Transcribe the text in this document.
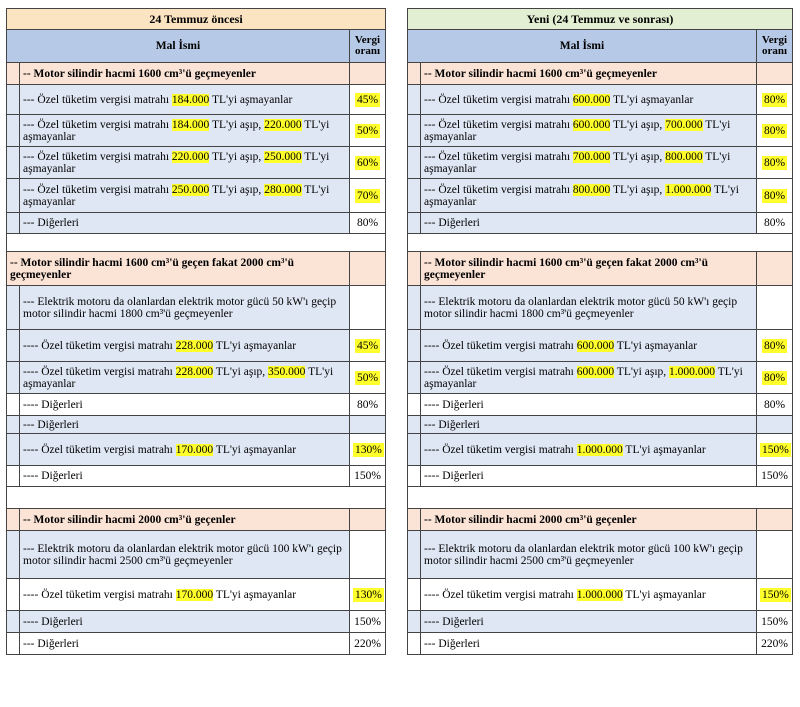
24 Temmuz öncesi		
Mal İsmi		Vergi
oranı
	-- Motor silindir hacmi 1600 cm³'ü geçmeyenler	
	--- Özel tüketim vergisi matrahı 184.000 TL'yi aşmayanlar	45%
	--- Özel tüketim vergisi matrahı 184.000 TL'yi aşıp, 220.000 TL'yi aşmayanlar	50%
	--- Özel tüketim vergisi matrahı 220.000 TL'yi aşıp, 250.000 TL'yi aşmayanlar	60%
	--- Özel tüketim vergisi matrahı 250.000 TL'yi aşıp, 280.000 TL'yi aşmayanlar	70%
	--- Diğerleri	80%

-- Motor silindir hacmi 1600 cm³'ü geçen fakat 2000 cm³'ü geçmeyenler		
	--- Elektrik motoru da olanlardan elektrik motor gücü 50 kW'ı geçip motor silindir hacmi 1800 cm³'ü geçmeyenler	
	---- Özel tüketim vergisi matrahı 228.000 TL'yi aşmayanlar	45%
	---- Özel tüketim vergisi matrahı 228.000 TL'yi aşıp, 350.000 TL'yi aşmayanlar	50%
	---- Diğerleri	80%
	--- Diğerleri	
	---- Özel tüketim vergisi matrahı 170.000 TL'yi aşmayanlar	130%
	---- Diğerleri	150%

	-- Motor silindir hacmi 2000 cm³'ü geçenler	
	--- Elektrik motoru da olanlardan elektrik motor gücü 100 kW'ı geçip motor silindir hacmi 2500 cm³'ü geçmeyenler	
	---- Özel tüketim vergisi matrahı 170.000 TL'yi aşmayanlar	130%
	---- Diğerleri	150%
	--- Diğerleri	220%
Yeni (24 Temmuz ve sonrası)		
Mal İsmi		Vergi
oranı
	-- Motor silindir hacmi 1600 cm³'ü geçmeyenler	
	--- Özel tüketim vergisi matrahı 600.000 TL'yi aşmayanlar	80%
	--- Özel tüketim vergisi matrahı 600.000 TL'yi aşıp, 700.000 TL'yi aşmayanlar	80%
	--- Özel tüketim vergisi matrahı 700.000 TL'yi aşıp, 800.000 TL'yi aşmayanlar	80%
	--- Özel tüketim vergisi matrahı 800.000 TL'yi aşıp, 1.000.000 TL'yi aşmayanlar	80%
	--- Diğerleri	80%

	-- Motor silindir hacmi 1600 cm³'ü geçen fakat 2000 cm³'ü geçmeyenler	
	--- Elektrik motoru da olanlardan elektrik motor gücü 50 kW'ı geçip motor silindir hacmi 1800 cm³'ü geçmeyenler	
	---- Özel tüketim vergisi matrahı 600.000 TL'yi aşmayanlar	80%
	---- Özel tüketim vergisi matrahı 600.000 TL'yi aşıp, 1.000.000 TL'yi aşmayanlar	80%
	---- Diğerleri	80%
	--- Diğerleri	
	---- Özel tüketim vergisi matrahı 1.000.000 TL'yi aşmayanlar	150%
	---- Diğerleri	150%

	-- Motor silindir hacmi 2000 cm³'ü geçenler	
	--- Elektrik motoru da olanlardan elektrik motor gücü 100 kW'ı geçip motor silindir hacmi 2500 cm³'ü geçmeyenler	
	---- Özel tüketim vergisi matrahı 1.000.000 TL'yi aşmayanlar	150%
	---- Diğerleri	150%
	--- Diğerleri	220%
